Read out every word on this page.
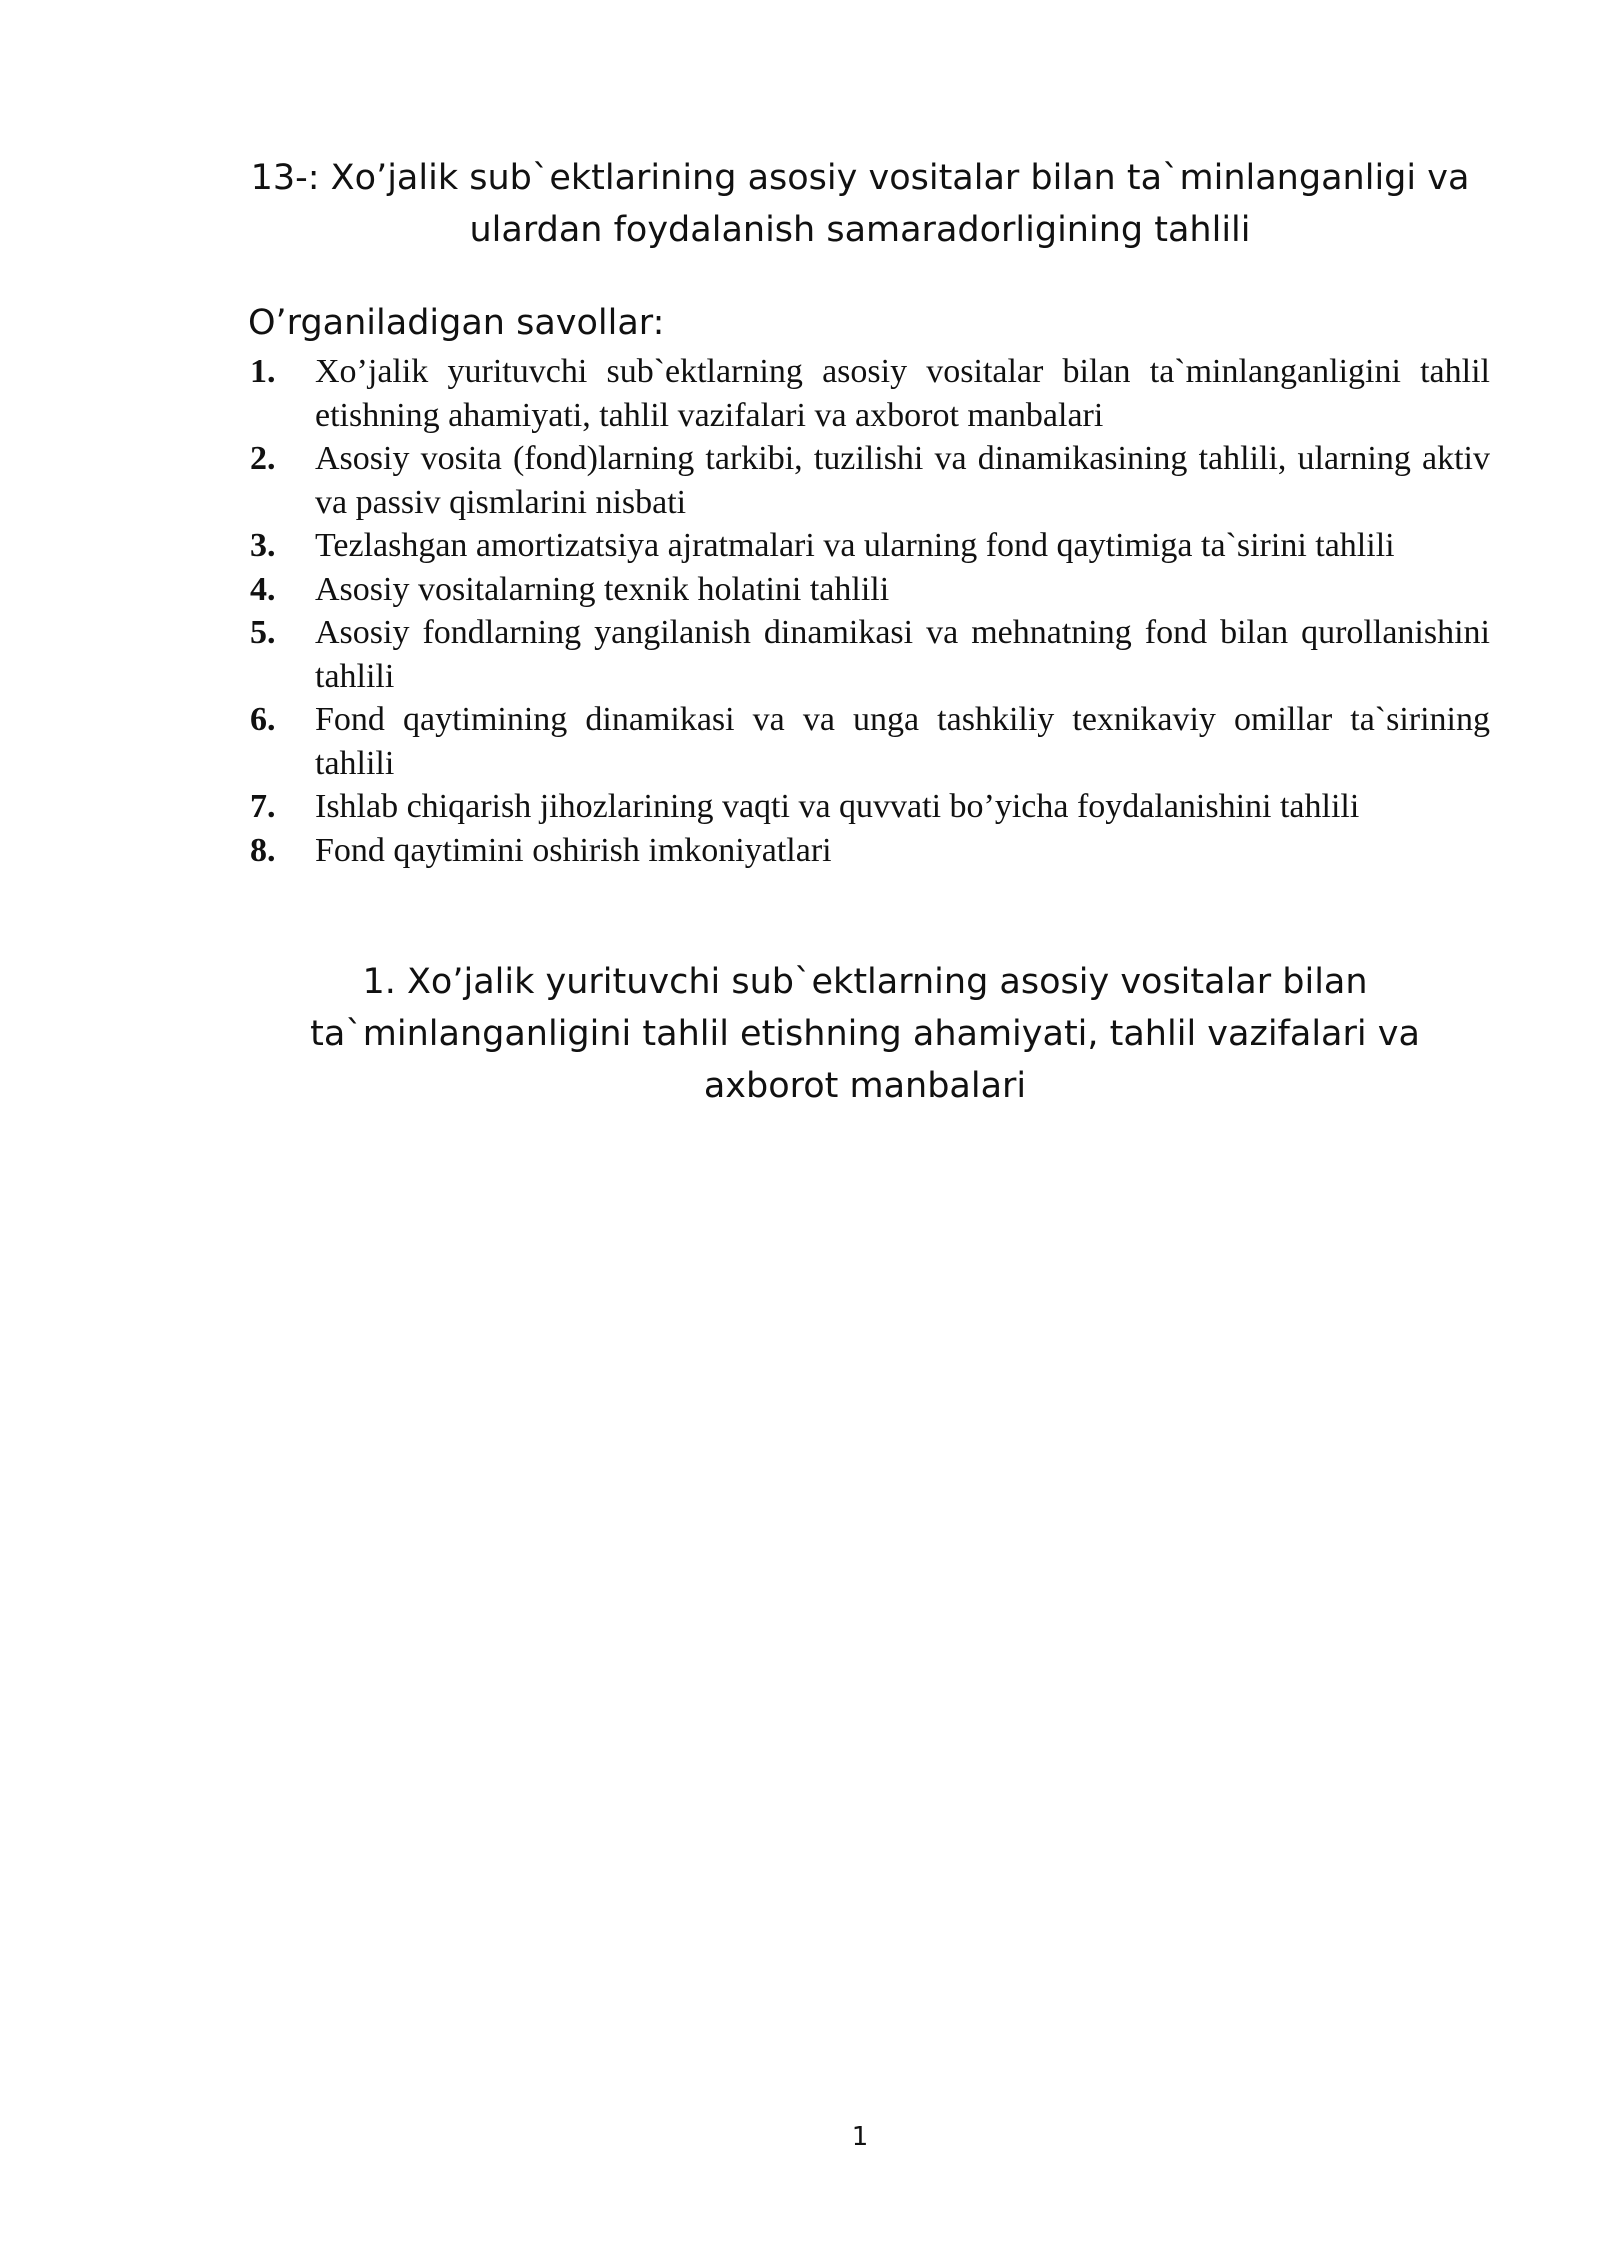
13-: Xo’jalik sub`ektlarining asosiy vositalar bilan ta`minlanganligi va ulardan foydalanish samaradorligining tahlili
O’rganiladigan savollar:
1.	Xo’jalik yurituvchi sub`ektlarning asosiy vositalar bilan ta`minlanganligini tahlil etishning ahamiyati, tahlil vazifalari va axborot manbalari
2.	Asosiy vosita (fond)larning tarkibi, tuzilishi va dinamikasining tahlili, ularning aktiv va passiv qismlarini nisbati
3.	Tezlashgan amortizatsiya ajratmalari va ularning fond qaytimiga ta`sirini tahlili
4.	Asosiy vositalarning texnik holatini tahlili
5.	Asosiy fondlarning yangilanish dinamikasi va mehnatning fond bilan qurollanishini tahlili
6.	Fond qaytimining dinamikasi va va unga tashkiliy texnikaviy omillar ta`sirining tahlili
7.	Ishlab chiqarish jihozlarining vaqti va quvvati bo’yicha foydalanishini tahlili
8.	Fond qaytimini oshirish imkoniyatlari
1. Xo’jalik yurituvchi sub`ektlarning asosiy vositalar bilan ta`minlanganligini tahlil etishning ahamiyati, tahlil vazifalari va axborot manbalari
1
